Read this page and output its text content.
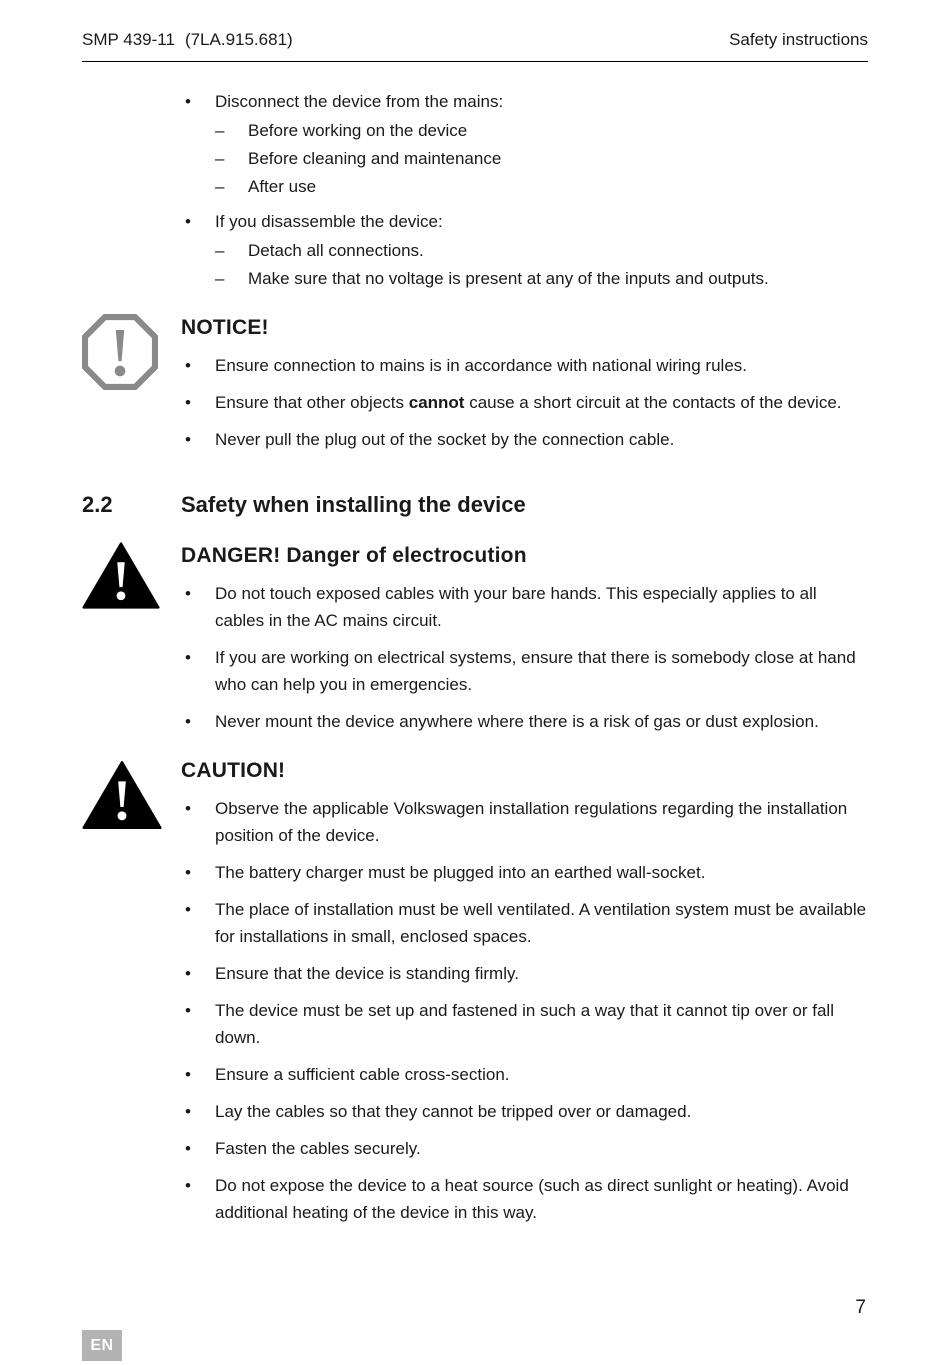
SMP 439-11 (7LA.915.681)	Safety instructions
•	Disconnect the device from the mains:
–	Before working on the device
–	Before cleaning and maintenance
–	After use
•	If you disassemble the device:
–	Detach all connections.
–	Make sure that no voltage is present at any of the inputs and outputs.
NOTICE!
•	Ensure connection to mains is in accordance with national wiring rules.
•	Ensure that other objects cannot cause a short circuit at the contacts of the device.
•	Never pull the plug out of the socket by the connection cable.
2.2	Safety when installing the device
DANGER! Danger of electrocution
•	Do not touch exposed cables with your bare hands. This especially applies to all cables in the AC mains circuit.
•	If you are working on electrical systems, ensure that there is somebody close at hand who can help you in emergencies.
•	Never mount the device anywhere where there is a risk of gas or dust explosion.
CAUTION!
•	Observe the applicable Volkswagen installation regulations regarding the installation position of the device.
•	The battery charger must be plugged into an earthed wall-socket.
•	The place of installation must be well ventilated. A ventilation system must be available for installations in small, enclosed spaces.
•	Ensure that the device is standing firmly.
•	The device must be set up and fastened in such a way that it cannot tip over or fall down.
•	Ensure a sufficient cable cross-section.
•	Lay the cables so that they cannot be tripped over or damaged.
•	Fasten the cables securely.
•	Do not expose the device to a heat source (such as direct sunlight or heating). Avoid additional heating of the device in this way.
7
EN
